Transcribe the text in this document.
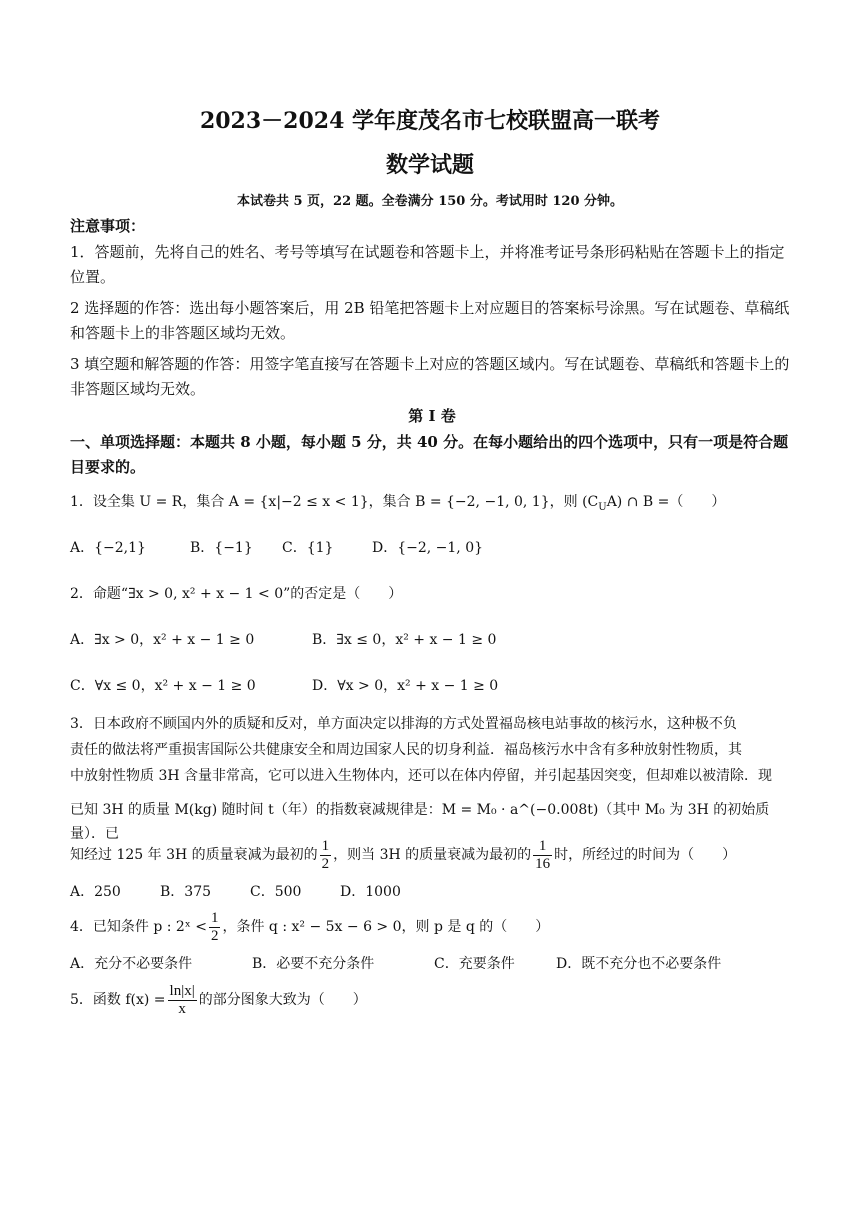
2023－2024 学年度茂名市七校联盟高一联考
数学试题
本试卷共 5 页，22 题。全卷满分 150 分。考试用时 120 分钟。
注意事项：
1．答题前，先将自己的姓名、考号等填写在试题卷和答题卡上，并将准考证号条形码粘贴在答题卡上的指定位置。
2 选择题的作答：选出每小题答案后，用 2B 铅笔把答题卡上对应题目的答案标号涂黑。写在试题卷、草稿纸和答题卡上的非答题区域均无效。
3 填空题和解答题的作答：用签字笔直接写在答题卡上对应的答题区域内。写在试题卷、草稿纸和答题卡上的非答题区域均无效。
第 I 卷
一、单项选择题：本题共 8 小题，每小题 5 分，共 40 分。在每小题给出的四个选项中，只有一项是符合题目要求的。
1．设全集 U = R，集合 A = {x|−2 ≤ x < 1}，集合 B = {−2, −1, 0, 1}，则 $(C_UA)$ ∩ B =（　　）
A．{−2,1}	B．{−1} C．{1}	D．{−2, −1, 0}
2．命题“∃x > 0, x² + x − 1 < 0”的否定是（　　）
A．∃x > 0，x² + x − 1 ≥ 0	B．∃x ≤ 0，x² + x − 1 ≥ 0
C．∀x ≤ 0，x² + x − 1 ≥ 0	D．∀x > 0，x² + x − 1 ≥ 0
3．日本政府不顾国内外的质疑和反对，单方面决定以排海的方式处置福岛核电站事故的核污水，这种极不负
责任的做法将严重损害国际公共健康安全和周边国家人民的切身利益．福岛核污水中含有多种放射性物质，其
中放射性物质 3H 含量非常高，它可以进入生物体内，还可以在体内停留，并引起基因突变，但却难以被清除．现
已知 3H 的质量 M(kg) 随时间 t（年）的指数衰减规律是：M = M₀ · a^(−0.008t)（其中 M₀ 为 3H 的初始质量）．已
知经过 125 年 3H 的质量衰减为最初的 $\frac{1}{2}$ ，则当 3H 的质量衰减为最初的 $\frac{1}{16}$ 时，所经过的时间为（　　）
A．250	B．375	C．500	D．1000
4．已知条件 p : 2ˣ < $\frac{1}{2}$ ，条件 q : x² − 5x − 6 > 0，则 p 是 q 的（　　）
A．充分不必要条件	B．必要不充分条件	C．充要条件	D．既不充分也不必要条件
5．函数 $f(x) = \frac{\ln|x|}{x}$ 的部分图象大致为（　　）
